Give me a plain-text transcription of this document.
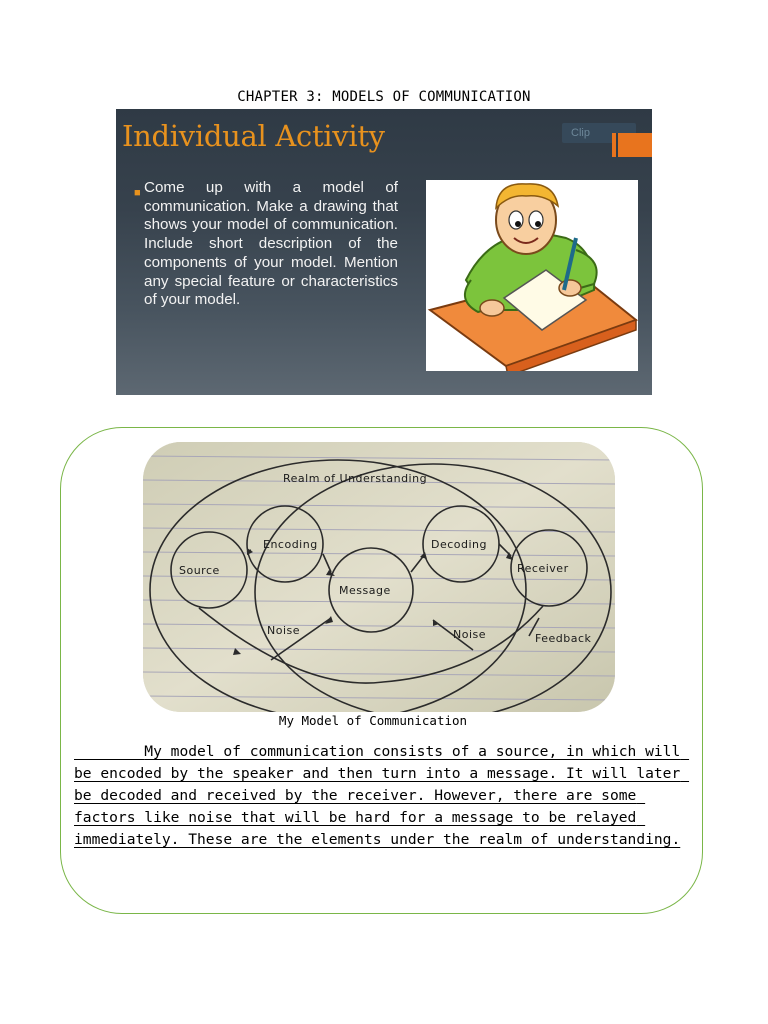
CHAPTER 3: MODELS OF COMMUNICATION
Individual Activity	Clip
■ Come up with a model of communication. Make a drawing that shows your model of communication. Include short description of the components of your model. Mention any special feature or characteristics of your model.
Realm of Understanding
Source
Encoding
Message
Decoding
Receiver
Noise	Noise	Feedback
My Model of Communication
My model of communication consists of a source, in which will be encoded by the speaker and then turn into a message. It will later be decoded and received by the receiver. However, there are some factors like noise that will be hard for a message to be relayed immediately. These are the elements under the realm of understanding.
